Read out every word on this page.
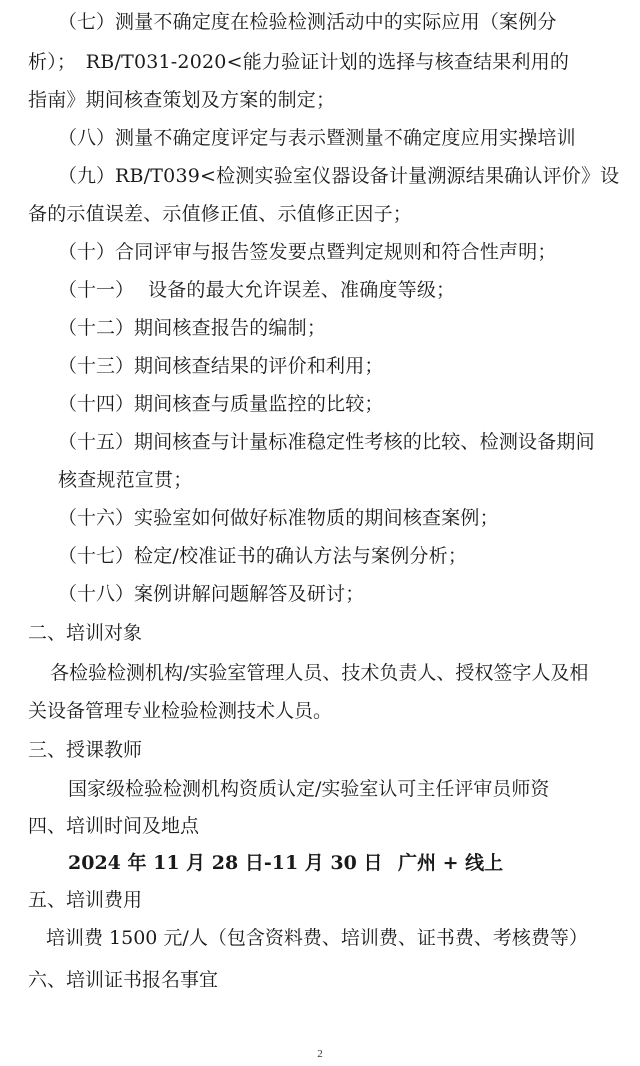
（七）测量不确定度在检验检测活动中的实际应用（案例分
析）；　RB/T031-2020<能力验证计划的选择与核查结果利用的
指南》期间核查策划及方案的制定；
（八）测量不确定度评定与表示暨测量不确定度应用实操培训
（九）RB/T039<检测实验室仪器设备计量溯源结果确认评价》设
备的示值误差、示值修正值、示值修正因子；
（十）合同评审与报告签发要点暨判定规则和符合性声明；
（十一） 设备的最大允许误差、准确度等级；
（十二）期间核查报告的编制；
（十三）期间核查结果的评价和利用；
（十四）期间核查与质量监控的比较；
（十五）期间核查与计量标准稳定性考核的比较、检测设备期间
核查规范宣贯；
（十六）实验室如何做好标准物质的期间核查案例；
（十七）检定/校准证书的确认方法与案例分析；
（十八）案例讲解问题解答及研讨；
二、培训对象
各检验检测机构/实验室管理人员、技术负责人、授权签字人及相
关设备管理专业检验检测技术人员。
三、授课教师
国家级检验检测机构资质认定/实验室认可主任评审员师资
四、培训时间及地点
2024 年 11 月 28 日-11 月 30 日 广州 + 线上
五、培训费用
培训费 1500 元/人（包含资料费、培训费、证书费、考核费等）
六、培训证书报名事宜
2
